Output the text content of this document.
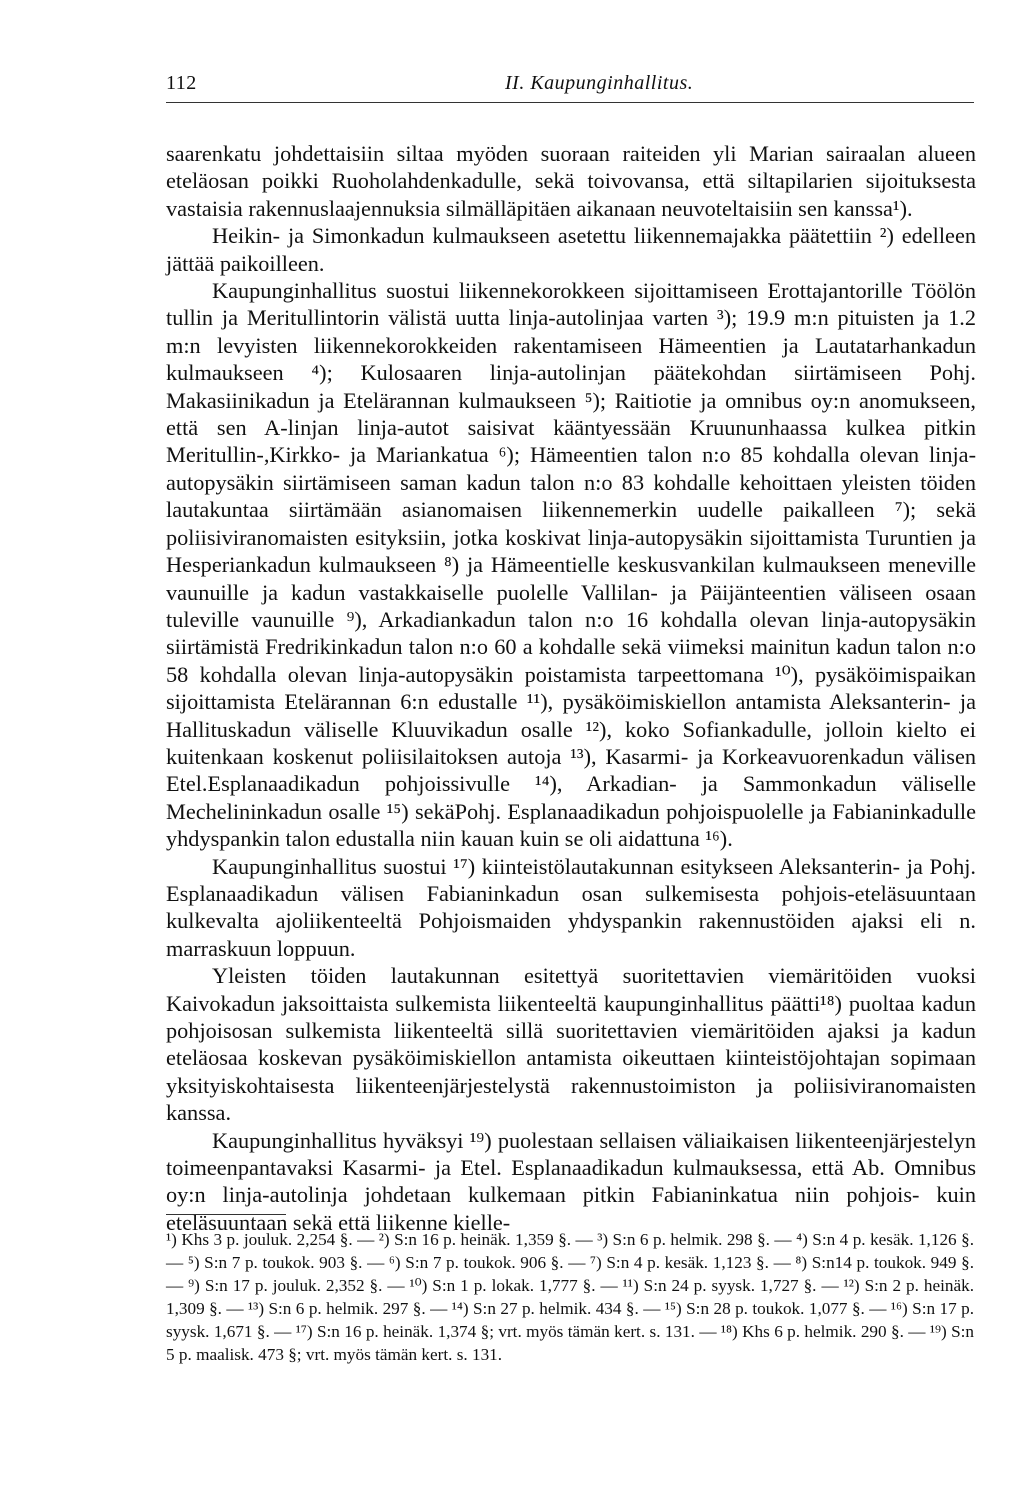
112	II. Kaupunginhallitus.

saarenkatu johdettaisiin siltaa myöden suoraan raiteiden yli Marian sairaalan alueen eteläosan poikki Ruoholahdenkadulle, sekä toivovansa, että siltapilarien sijoituksesta vastaisia rakennuslaajennuksia silmälläpitäen aikanaan neuvoteltaisiin sen kanssa¹).

Heikin- ja Simonkadun kulmaukseen asetettu liikennemajakka päätettiin ²) edelleen jättää paikoilleen.

Kaupunginhallitus suostui liikennekorokkeen sijoittamiseen Erottajantorille Töölön tullin ja Meritullintorin välistä uutta linja-autolinjaa varten ³); 19.9 m:n pituisten ja 1.2 m:n levyisten liikennekorokkeiden rakentamiseen Hämeentien ja Lautatarhankadun kulmaukseen ⁴); Kulosaaren linja-autolinjan päätekohdan siirtämiseen Pohj. Makasiinikadun ja Etelärannan kulmaukseen ⁵); Raitiotie ja omnibus oy:n anomukseen, että sen A-linjan linja-autot saisivat kääntyessään Kruununhaassa kulkea pitkin Meritullin-,Kirkko- ja Mariankatua ⁶); Hämeentien talon n:o 85 kohdalla olevan linja-autopysäkin siirtämiseen saman kadun talon n:o 83 kohdalle kehoittaen yleisten töiden lautakuntaa siirtämään asianomaisen liikennemerkin uudelle paikalleen ⁷); sekä poliisiviranomaisten esityksiin, jotka koskivat linja-autopysäkin sijoittamista Turuntien ja Hesperiankadun kulmaukseen ⁸) ja Hämeentielle keskusvankilan kulmaukseen meneville vaunuille ja kadun vastakkaiselle puolelle Vallilan- ja Päijänteentien väliseen osaan tuleville vaunuille ⁹), Arkadiankadun talon n:o 16 kohdalla olevan linja-autopysäkin siirtämistä Fredrikinkadun talon n:o 60 a kohdalle sekä viimeksi mainitun kadun talon n:o 58 kohdalla olevan linja-autopysäkin poistamista tarpeettomana ¹⁰), pysäköimispaikan sijoittamista Etelärannan 6:n edustalle ¹¹), pysäköimiskiellon antamista Aleksanterin- ja Hallituskadun väliselle Kluuvikadun osalle ¹²), koko Sofiankadulle, jolloin kielto ei kuitenkaan koskenut poliisilaitoksen autoja ¹³), Kasarmi- ja Korkeavuorenkadun välisen Etel.Esplanaadikadun pohjoissivulle ¹⁴), Arkadian- ja Sammonkadun väliselle Mechelininkadun osalle ¹⁵) sekäPohj. Esplanaadikadun pohjoispuolelle ja Fabianinkadulle yhdyspankin talon edustalla niin kauan kuin se oli aidattuna ¹⁶).

Kaupunginhallitus suostui ¹⁷) kiinteistölautakunnan esitykseen Aleksanterin- ja Pohj. Esplanaadikadun välisen Fabianinkadun osan sulkemisesta pohjois-eteläsuuntaan kulkevalta ajoliikenteeltä Pohjoismaiden yhdyspankin rakennustöiden ajaksi eli n. marraskuun loppuun.

Yleisten töiden lautakunnan esitettyä suoritettavien viemäritöiden vuoksi Kaivokadun jaksoittaista sulkemista liikenteeltä kaupunginhallitus päätti¹⁸) puoltaa kadun pohjoisosan sulkemista liikenteeltä sillä suoritettavien viemäritöiden ajaksi ja kadun eteläosaa koskevan pysäköimiskiellon antamista oikeuttaen kiinteistöjohtajan sopimaan yksityiskohtaisesta liikenteenjärjestelystä rakennustoimiston ja poliisiviranomaisten kanssa.

Kaupunginhallitus hyväksyi ¹⁹) puolestaan sellaisen väliaikaisen liikenteenjärjestelyn toimeenpantavaksi Kasarmi- ja Etel. Esplanaadikadun kulmauksessa, että Ab. Omnibus oy:n linja-autolinja johdetaan kulkemaan pitkin Fabianinkatua niin pohjois- kuin eteläsuuntaan sekä että liikenne kielle-

¹) Khs 3 p. jouluk. 2,254 §. — ²) S:n 16 p. heinäk. 1,359 §. — ³) S:n 6 p. helmik. 298 §. — ⁴) S:n 4 p. kesäk. 1,126 §. — ⁵) S:n 7 p. toukok. 903 §. — ⁶) S:n 7 p. toukok. 906 §. — ⁷) S:n 4 p. kesäk. 1,123 §. — ⁸) S:n14 p. toukok. 949 §. — ⁹) S:n 17 p. jouluk. 2,352 §. — ¹⁰) S:n 1 p. lokak. 1,777 §. — ¹¹) S:n 24 p. syysk. 1,727 §. — ¹²) S:n 2 p. heinäk. 1,309 §. — ¹³) S:n 6 p. helmik. 297 §. — ¹⁴) S:n 27 p. helmik. 434 §. — ¹⁵) S:n 28 p. toukok. 1,077 §. — ¹⁶) S:n 17 p. syysk. 1,671 §. — ¹⁷) S:n 16 p. heinäk. 1,374 §; vrt. myös tämän kert. s. 131. — ¹⁸) Khs 6 p. helmik. 290 §. — ¹⁹) S:n 5 p. maalisk. 473 §; vrt. myös tämän kert. s. 131.
